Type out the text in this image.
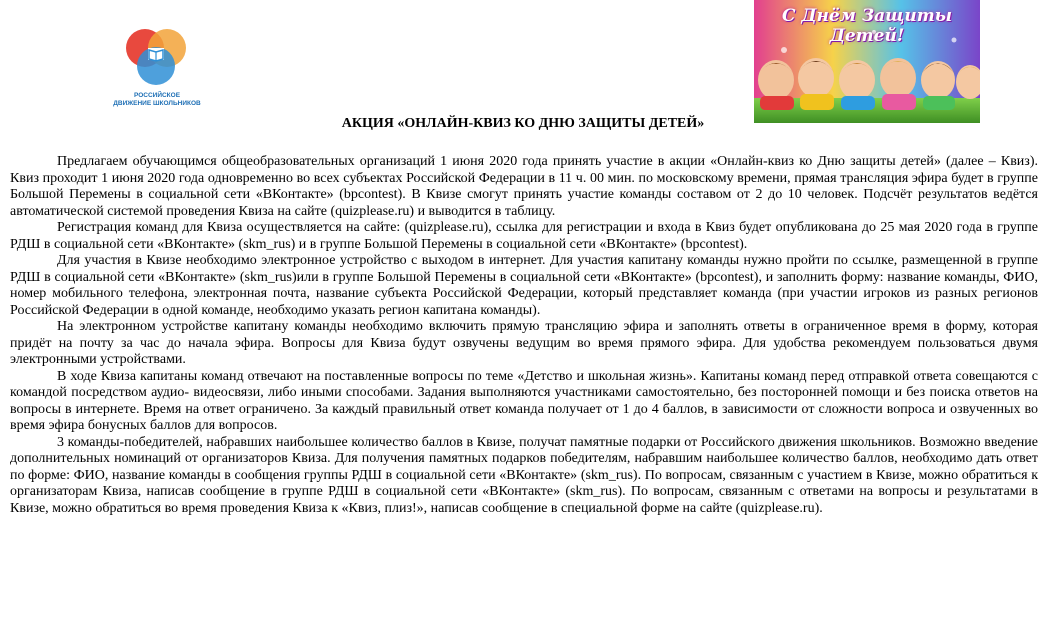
РОССИЙСКОЕ
ДВИЖЕНИЕ ШКОЛЬНИКОВ
С Днём Защиты Детей!
АКЦИЯ «ОНЛАЙН-КВИЗ КО ДНЮ ЗАЩИТЫ ДЕТЕЙ»

Предлагаем обучающимся общеобразовательных организаций 1 июня 2020 года принять участие в акции «Онлайн-квиз ко Дню защиты детей» (далее – Квиз). Квиз проходит 1 июня 2020 года одновременно во всех субъектах Российской Федерации в 11 ч. 00 мин. по московскому времени, прямая трансляция эфира будет в группе Большой Перемены в социальной сети «ВКонтакте» (bpcontest). В Квизе смогут принять участие команды составом от 2 до 10 человек. Подсчёт результатов ведётся автоматической системой проведения Квиза на сайте (quizplease.ru) и выводится в таблицу.

Регистрация команд для Квиза осуществляется на сайте: (quizplease.ru), ссылка для регистрации и входа в Квиз будет опубликована до 25 мая 2020 года в группе РДШ в социальной сети «ВКонтакте» (skm_rus) и в группе Большой Перемены в социальной сети «ВКонтакте» (bpcontest).

Для участия в Квизе необходимо электронное устройство с выходом в интернет. Для участия капитану команды нужно пройти по ссылке, размещенной в группе РДШ в социальной сети «ВКонтакте» (skm_rus)или в группе Большой Перемены в социальной сети «ВКонтакте» (bpcontest), и заполнить форму: название команды, ФИО, номер мобильного телефона, электронная почта, название субъекта Российской Федерации, который представляет команда (при участии игроков из разных регионов Российской Федерации в одной команде, необходимо указать регион капитана команды).

На электронном устройстве капитану команды необходимо включить прямую трансляцию эфира и заполнять ответы в ограниченное время в форму, которая придёт на почту за час до начала эфира. Вопросы для Квиза будут озвучены ведущим во время прямого эфира. Для удобства рекомендуем пользоваться двумя электронными устройствами.

В ходе Квиза капитаны команд отвечают на поставленные вопросы по теме «Детство и школьная жизнь». Капитаны команд перед отправкой ответа совещаются с командой посредством аудио- видеосвязи, либо иными способами. Задания выполняются участниками самостоятельно, без посторонней помощи и без поиска ответов на вопросы в интернете. Время на ответ ограничено. За каждый правильный ответ команда получает от 1 до 4 баллов, в зависимости от сложности вопроса и озвученных во время эфира бонусных баллов для вопросов.

3 команды-победителей, набравших наибольшее количество баллов в Квизе, получат памятные подарки от Российского движения школьников. Возможно введение дополнительных номинаций от организаторов Квиза. Для получения памятных подарков победителям, набравшим наибольшее количество баллов, необходимо дать ответ по форме: ФИО, название команды в сообщения группы РДШ в социальной сети «ВКонтакте» (skm_rus). По вопросам, связанным с участием в Квизе, можно обратиться к организаторам Квиза, написав сообщение в группе РДШ в социальной сети «ВКонтакте» (skm_rus). По вопросам, связанным с ответами на вопросы и результатами в Квизе, можно обратиться во время проведения Квиза к «Квиз, плиз!», написав сообщение в специальной форме на сайте (quizplease.ru).
